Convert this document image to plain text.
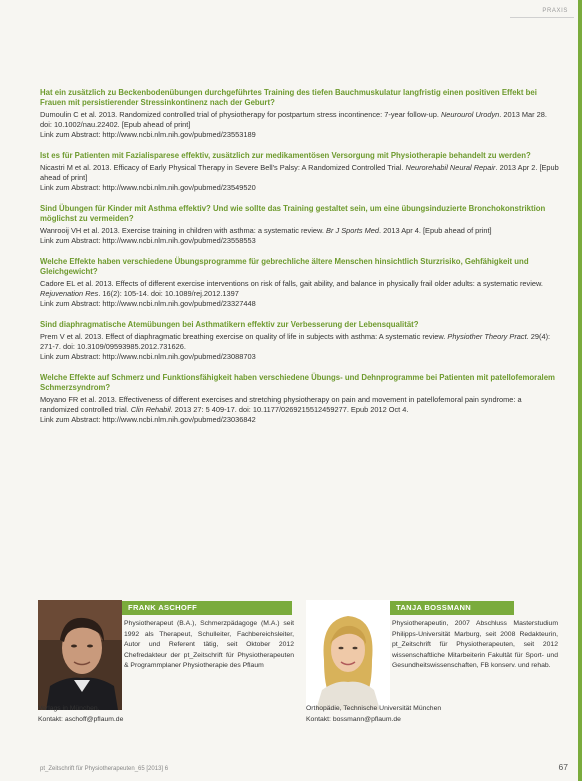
PRAXIS
Hat ein zusätzlich zu Beckenbodenübungen durchgeführtes Training des tiefen Bauchmuskulatur langfristig einen positiven Effekt bei Frauen mit persistierender Stressinkontinenz nach der Geburt?
Dumoulin C et al. 2013. Randomized controlled trial of physiotherapy for postpartum stress incontinence: 7-year follow-up. Neurourol Urodyn. 2013 Mar 28. doi: 10.1002/nau.22402. [Epub ahead of print]
Link zum Abstract: http://www.ncbi.nlm.nih.gov/pubmed/23553189
Ist es für Patienten mit Fazialisparese effektiv, zusätzlich zur medikamentösen Versorgung mit Physiotherapie behandelt zu werden?
Nicastri M et al. 2013. Efficacy of Early Physical Therapy in Severe Bell's Palsy: A Randomized Controlled Trial. Neurorehabil Neural Repair. 2013 Apr 2. [Epub ahead of print]
Link zum Abstract: http://www.ncbi.nlm.nih.gov/pubmed/23549520
Sind Übungen für Kinder mit Asthma effektiv? Und wie sollte das Training gestaltet sein, um eine übungsinduzierte Bronchokonstriktion möglichst zu vermeiden?
Wanrooij VH et al. 2013. Exercise training in children with asthma: a systematic review. Br J Sports Med. 2013 Apr 4. [Epub ahead of print]
Link zum Abstract: http://www.ncbi.nlm.nih.gov/pubmed/23558553
Welche Effekte haben verschiedene Übungsprogramme für gebrechliche ältere Menschen hinsichtlich Sturzrisiko, Gehfähigkeit und Gleichgewicht?
Cadore EL et al. 2013. Effects of different exercise interventions on risk of falls, gait ability, and balance in physically frail older adults: a systematic review. Rejuvenation Res. 16(2): 105-14. doi: 10.1089/rej.2012.1397
Link zum Abstract: http://www.ncbi.nlm.nih.gov/pubmed/23327448
Sind diaphragmatische Atemübungen bei Asthmatikern effektiv zur Verbesserung der Lebensqualität?
Prem V et al. 2013. Effect of diaphragmatic breathing exercise on quality of life in subjects with asthma: A systematic review. Physiother Theory Pract. 29(4): 271-7. doi: 10.3109/09593985.2012.731626.
Link zum Abstract: http://www.ncbi.nlm.nih.gov/pubmed/23088703
Welche Effekte auf Schmerz und Funktionsfähigkeit haben verschiedene Übungs- und Dehnprogramme bei Patienten mit patellofemoralem Schmerzsyndrom?
Moyano FR et al. 2013. Effectiveness of different exercises and stretching physiotherapy on pain and movement in patellofemoral pain syndrome: a randomized controlled trial. Clin Rehabil. 2013 27: 5 409-17. doi: 10.1177/0269215512459277. Epub 2012 Oct 4.
Link zum Abstract: http://www.ncbi.nlm.nih.gov/pubmed/23036842
FRANK ASCHOFF
Physiotherapeut (B.A.), Schmerzpädagoge (M.A.) seit 1992 als Therapeut, Schulleiter, Fachbereichsleiter, Autor und Referent tätig, seit Oktober 2012 Chefredakteur der pt_Zeitschrift für Physiotherapeuten & Programmplaner Physiotherapie des Pflaum
Verlags in München.
Kontakt: aschoff@pflaum.de
TANJA BOSSMANN
Physiotherapeutin, 2007 Abschluss Masterstudium Philipps-Universität Marburg, seit 2008 Redakteurin, pt_Zeitschrift für Physiotherapeuten, seit 2012 wissenschaftliche Mitarbeiterin Fakultät für Sport- und Gesundheitswissenschaften, FB konserv. und rehab.
Orthopädie, Technische Universität München
Kontakt: bossmann@pflaum.de
pt_Zeitschrift für Physiotherapeuten_65 [2013] 6	67
